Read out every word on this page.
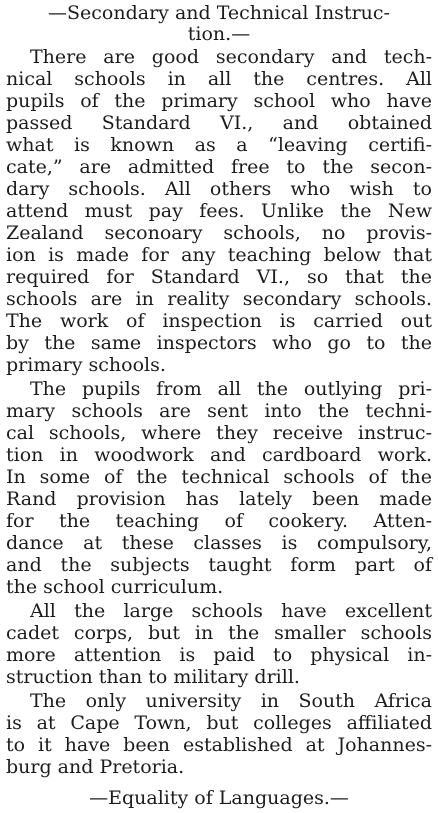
—Secondary and Technical Instruc-
tion.—
There are good secondary and tech-
nical schools in all the centres. All
pupils of the primary school who have
passed Standard VI., and obtained
what is known as a “leaving certifi-
cate,” are admitted free to the secon-
dary schools. All others who wish to
attend must pay fees. Unlike the New
Zealand seconoary schools, no provis-
ion is made for any teaching below that
required for Standard VI., so that the
schools are in reality secondary schools.
The work of inspection is carried out
by the same inspectors who go to the
primary schools.
The pupils from all the outlying pri-
mary schools are sent into the techni-
cal schools, where they receive instruc-
tion in woodwork and cardboard work.
In some of the technical schools of the
Rand provision has lately been made
for the teaching of cookery. Atten-
dance at these classes is compulsory,
and the subjects taught form part of
the school curriculum.
All the large schools have excellent
cadet corps, but in the smaller schools
more attention is paid to physical in-
struction than to military drill.
The only university in South Africa
is at Cape Town, but colleges affiliated
to it have been established at Johannes-
burg and Pretoria.
—Equality of Languages.—
